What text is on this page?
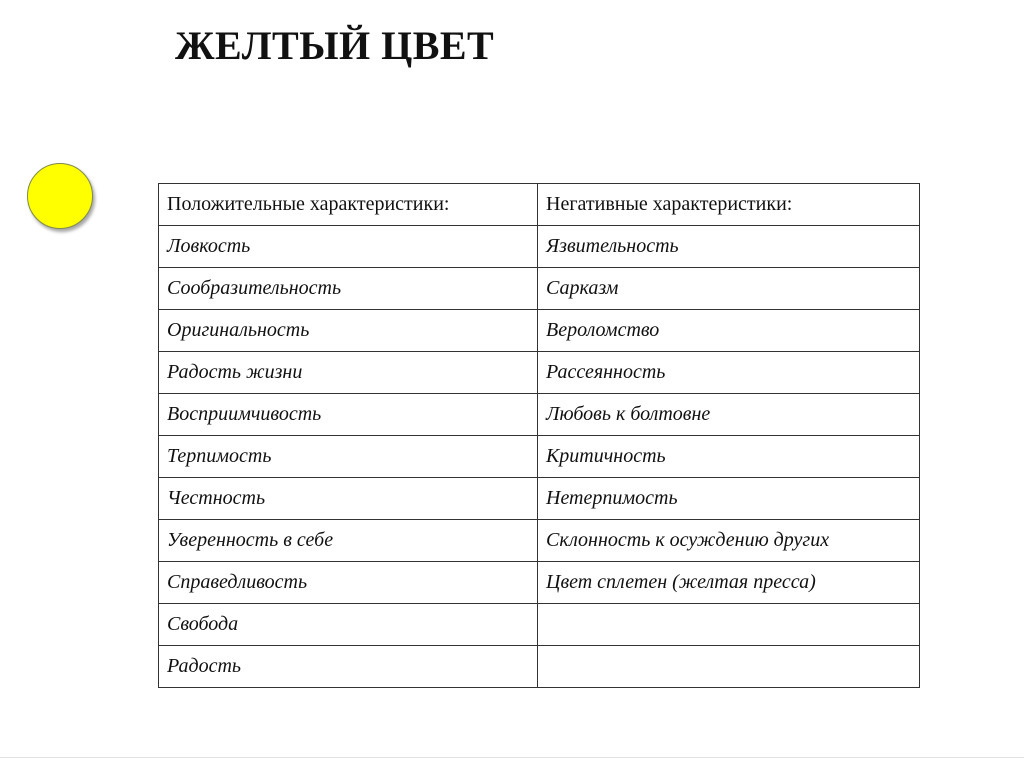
ЖЕЛТЫЙ ЦВЕТ
Положительные характеристики:	Негативные характеристики:
Ловкость	Язвительность
Сообразительность	Сарказм
Оригинальность	Вероломство
Радость жизни	Рассеянность
Восприимчивость	Любовь к болтовне
Терпимость	Критичность
Честность	Нетерпимость
Уверенность в себе	Склонность к осуждению других
Справедливость	Цвет сплетен (желтая пресса)
Свобода	
Радость	
